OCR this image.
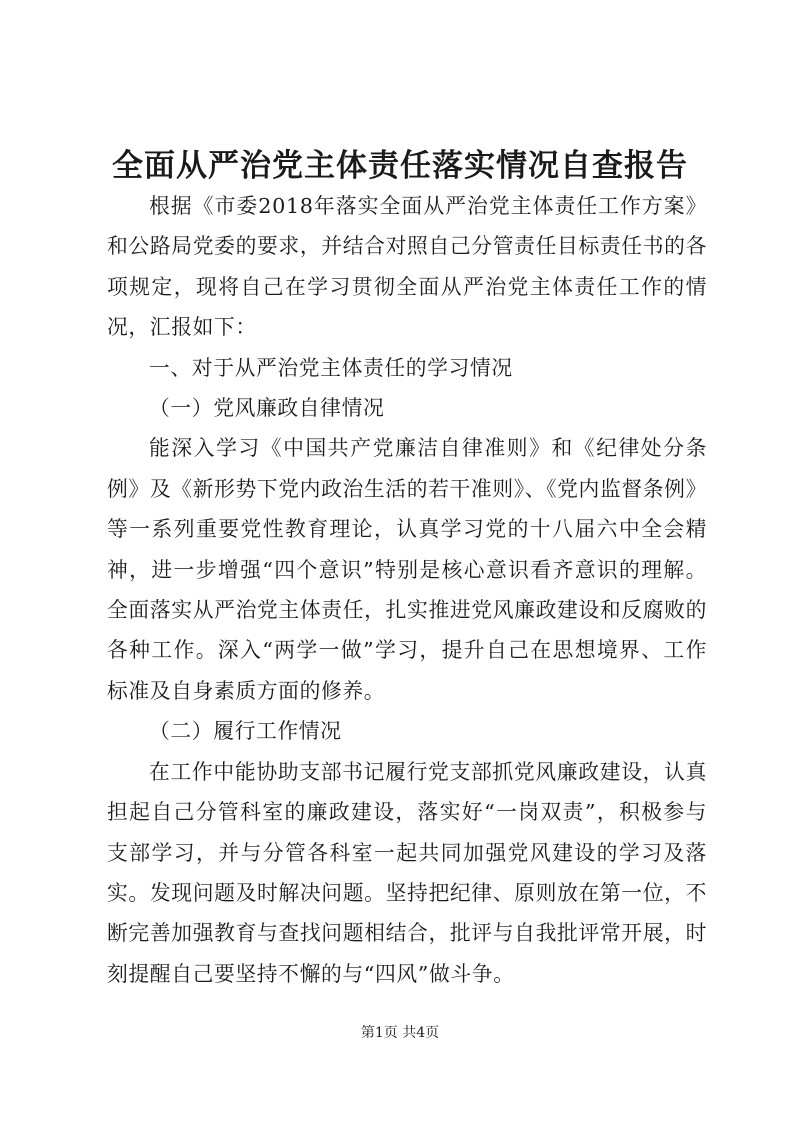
全面从严治党主体责任落实情况自查报告

根据《市委2018年落实全面从严治党主体责任工作方案》和公路局党委的要求，并结合对照自己分管责任目标责任书的各项规定，现将自己在学习贯彻全面从严治党主体责任工作的情况，汇报如下：

一、对于从严治党主体责任的学习情况

（一）党风廉政自律情况

能深入学习《中国共产党廉洁自律准则》和《纪律处分条例》及《新形势下党内政治生活的若干准则》、《党内监督条例》等一系列重要党性教育理论，认真学习党的十八届六中全会精神，进一步增强“四个意识”特别是核心意识看齐意识的理解。全面落实从严治党主体责任，扎实推进党风廉政建设和反腐败的各种工作。深入“两学一做”学习，提升自己在思想境界、工作标准及自身素质方面的修养。

（二）履行工作情况

在工作中能协助支部书记履行党支部抓党风廉政建设，认真担起自己分管科室的廉政建设，落实好“一岗双责”，积极参与支部学习，并与分管各科室一起共同加强党风建设的学习及落实。发现问题及时解决问题。坚持把纪律、原则放在第一位，不断完善加强教育与查找问题相结合，批评与自我批评常开展，时刻提醒自己要坚持不懈的与“四风”做斗争。

第1页 共4页
